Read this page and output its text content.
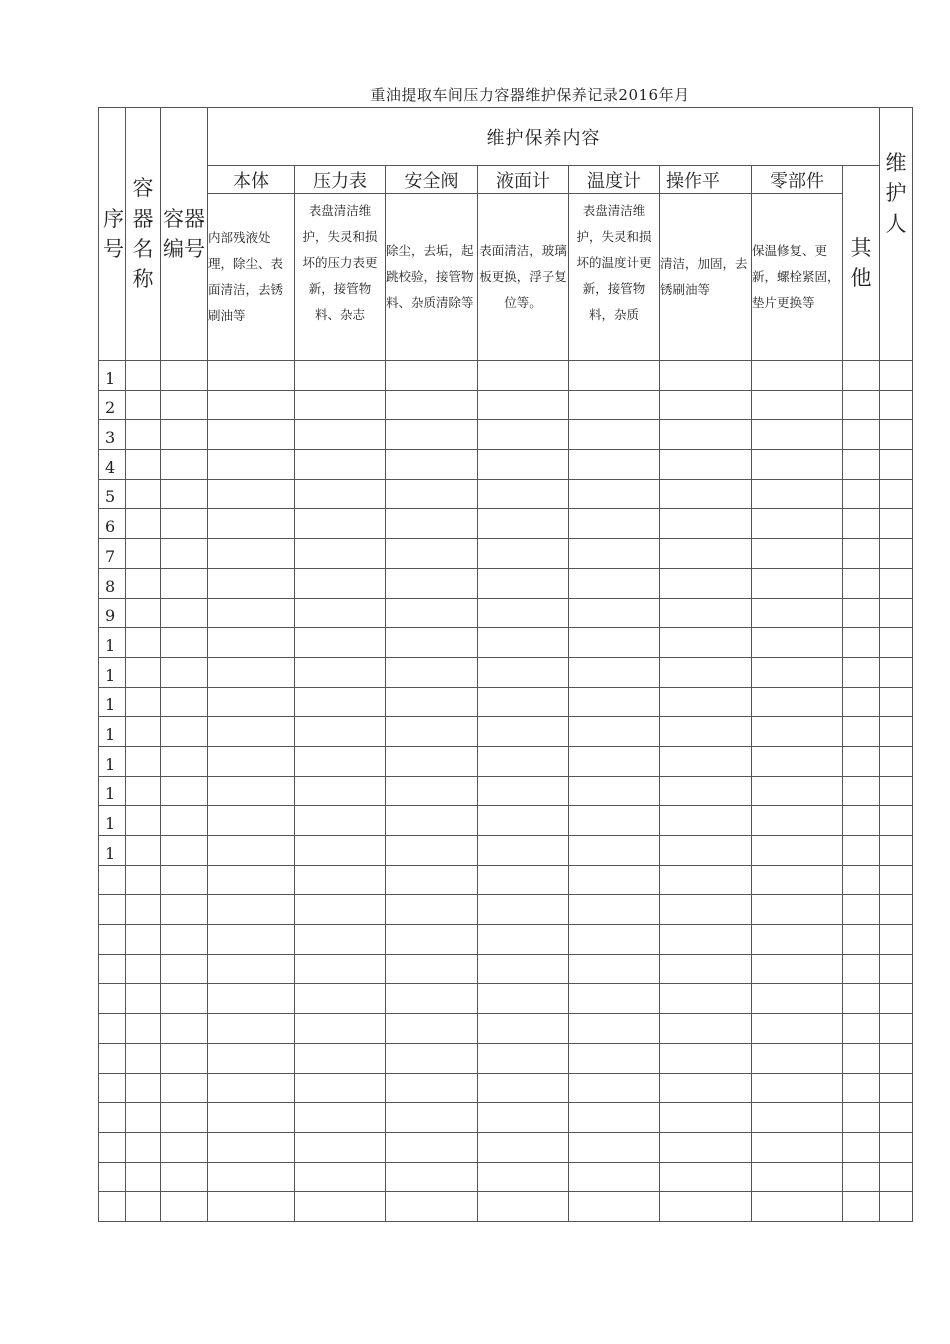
重油提取车间压力容器维护保养记录2016年月
序号	容器名称	容器编号	维护保养内容								维护人
			本体	压力表	安全阀	液面计	温度计	操作平	零部件	其他	

			内部残液处理，除尘、表面清洁，去锈刷油等	表盘清洁维护，失灵和损坏的压力表更新，接管物料、杂志	除尘，去垢，起跳校验，接管物料、杂质清除等	表面清洁，玻璃板更换，浮子复位等。	表盘清洁维护，失灵和损坏的温度计更新，接管物料，杂质	清洁，加固，去锈刷油等	保温修复、更新，螺栓紧固，垫片更换等		

1											
2											
3											
4											
5											
6											
7											
8											
9											
1											
1											
1											
1											
1											
1											
1											
1											
